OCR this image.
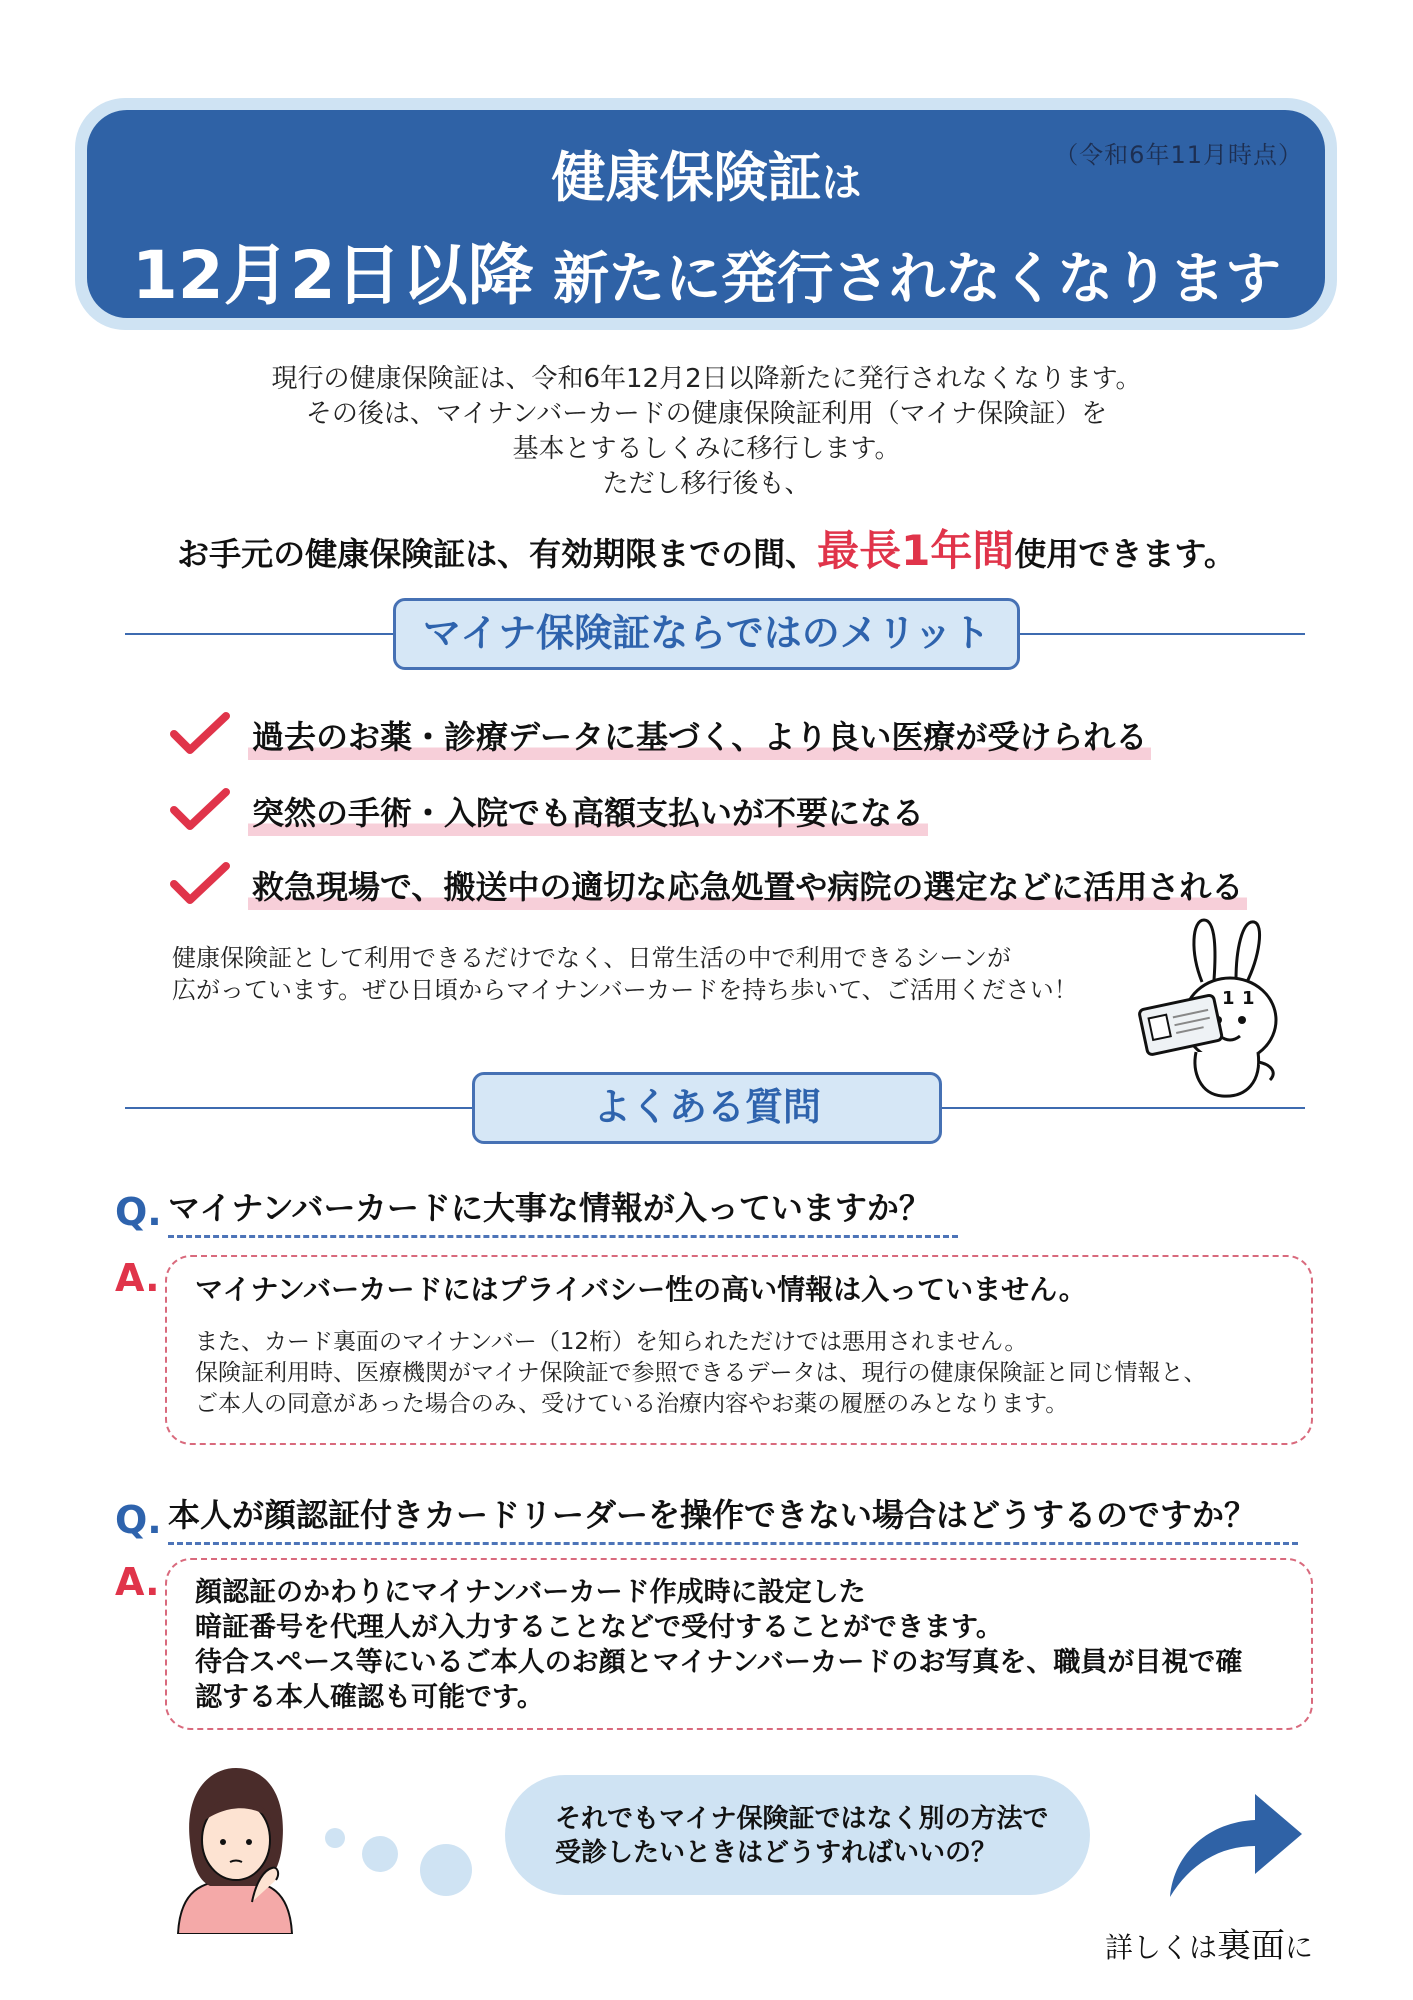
（令和6年11月時点）
健康保険証は
12月2日以降 新たに発行されなくなります
現行の健康保険証は、令和6年12月2日以降新たに発行されなくなります。
その後は、マイナンバーカードの健康保険証利用（マイナ保険証）を
基本とするしくみに移行します。
ただし移行後も、
お手元の健康保険証は、有効期限までの間、最長1年間使用できます。
マイナ保険証ならではのメリット
過去のお薬・診療データに基づく、より良い医療が受けられる
突然の手術・入院でも高額支払いが不要になる
救急現場で、搬送中の適切な応急処置や病院の選定などに活用される
健康保険証として利用できるだけでなく、日常生活の中で利用できるシーンが
広がっています。ぜひ日頃からマイナンバーカードを持ち歩いて、ご活用ください！	1 1
よくある質問
Q. マイナンバーカードに大事な情報が入っていますか？
A. マイナンバーカードにはプライバシー性の高い情報は入っていません。
また、カード裏面のマイナンバー（12桁）を知られただけでは悪用されません。
保険証利用時、医療機関がマイナ保険証で参照できるデータは、現行の健康保険証と同じ情報と、
ご本人の同意があった場合のみ、受けている治療内容やお薬の履歴のみとなります。
Q. 本人が顔認証付きカードリーダーを操作できない場合はどうするのですか？
A. 顔認証のかわりにマイナンバーカード作成時に設定した
暗証番号を代理人が入力することなどで受付することができます。
待合スペース等にいるご本人のお顔とマイナンバーカードのお写真を、職員が目視で確
認する本人確認も可能です。
それでもマイナ保険証ではなく別の方法で
受診したいときはどうすればいいの？
詳しくは裏面に
